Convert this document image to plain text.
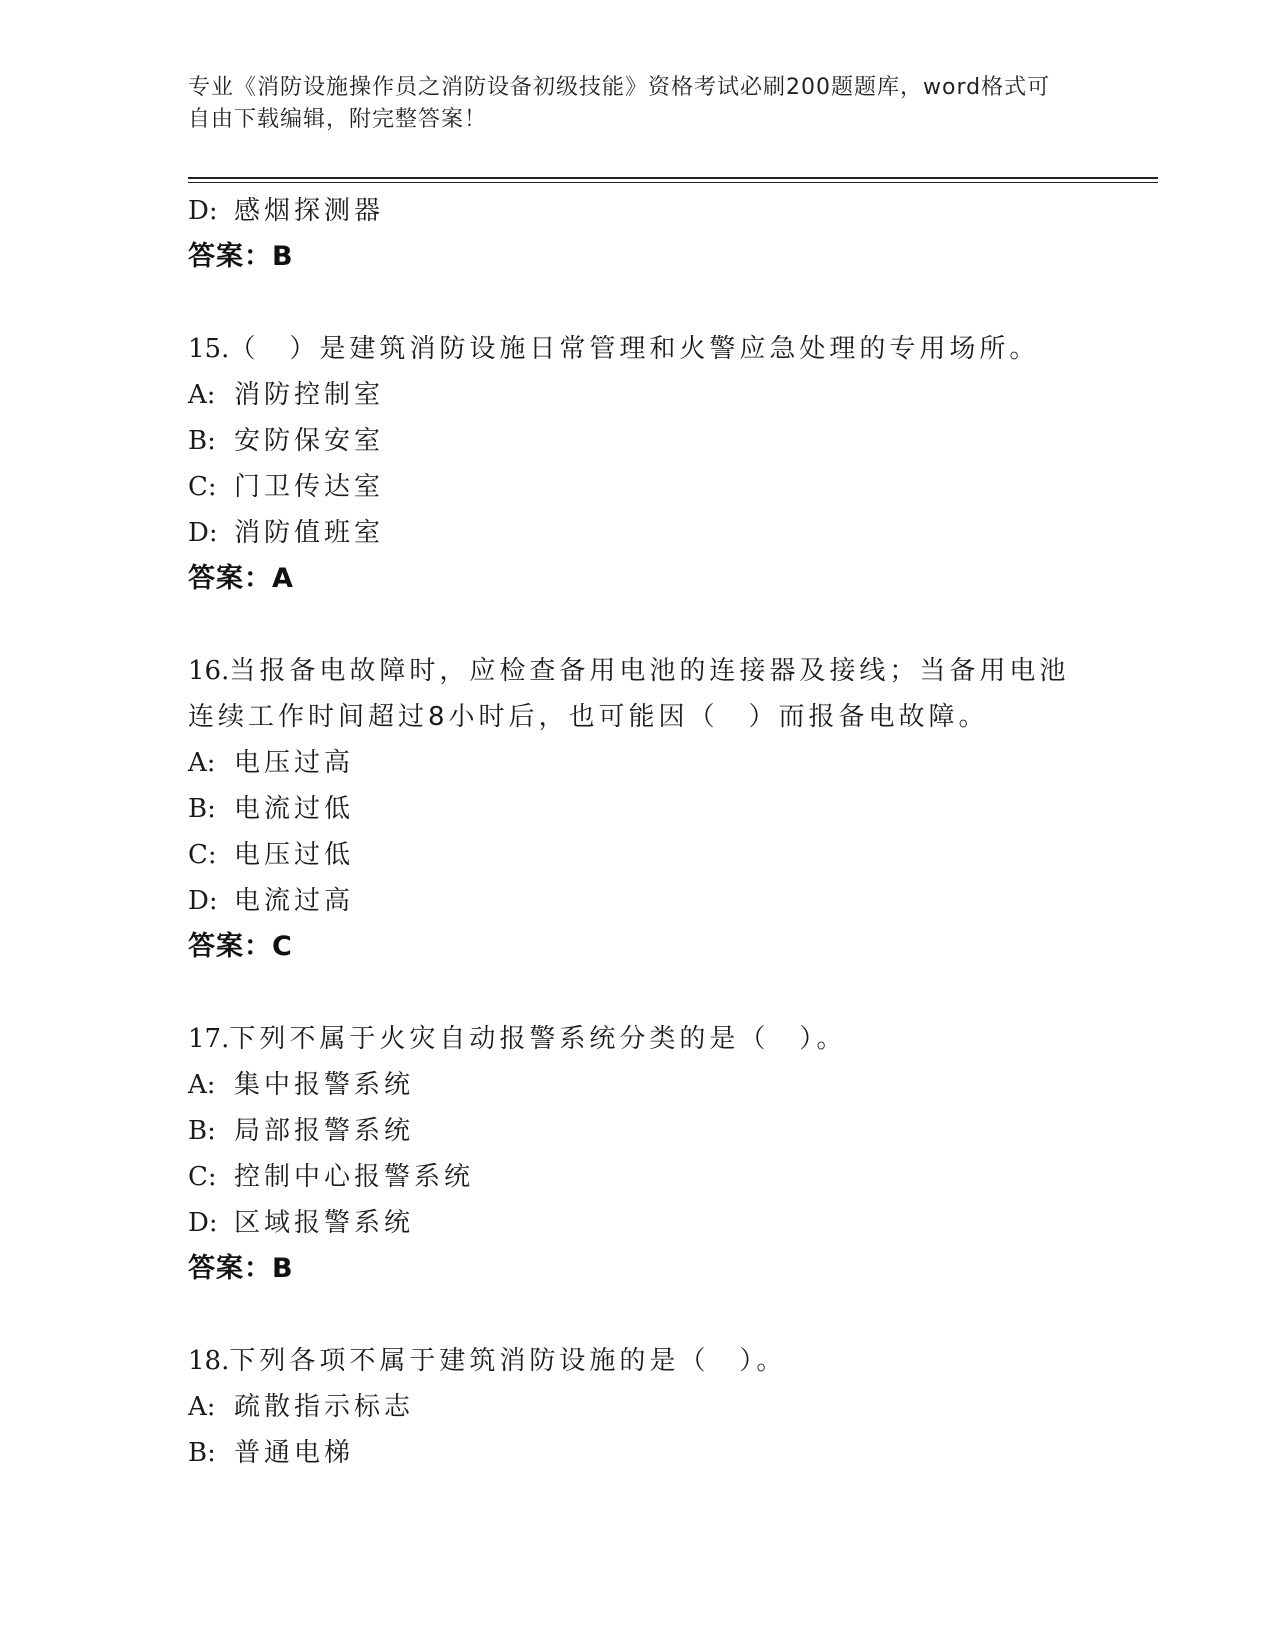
专业《消防设施操作员之消防设备初级技能》资格考试必刷200题题库，word格式可自由下载编辑，附完整答案！
D: 感烟探测器
答案：B
15.（　）是建筑消防设施日常管理和火警应急处理的专用场所。
A: 消防控制室
B: 安防保安室
C: 门卫传达室
D: 消防值班室
答案：A
16.当报备电故障时，应检查备用电池的连接器及接线；当备用电池连续工作时间超过8小时后，也可能因（　）而报备电故障。
A: 电压过高
B: 电流过低
C: 电压过低
D: 电流过高
答案：C
17.下列不属于火灾自动报警系统分类的是（　）。
A: 集中报警系统
B: 局部报警系统
C: 控制中心报警系统
D: 区域报警系统
答案：B
18.下列各项不属于建筑消防设施的是（　）。
A: 疏散指示标志
B: 普通电梯
